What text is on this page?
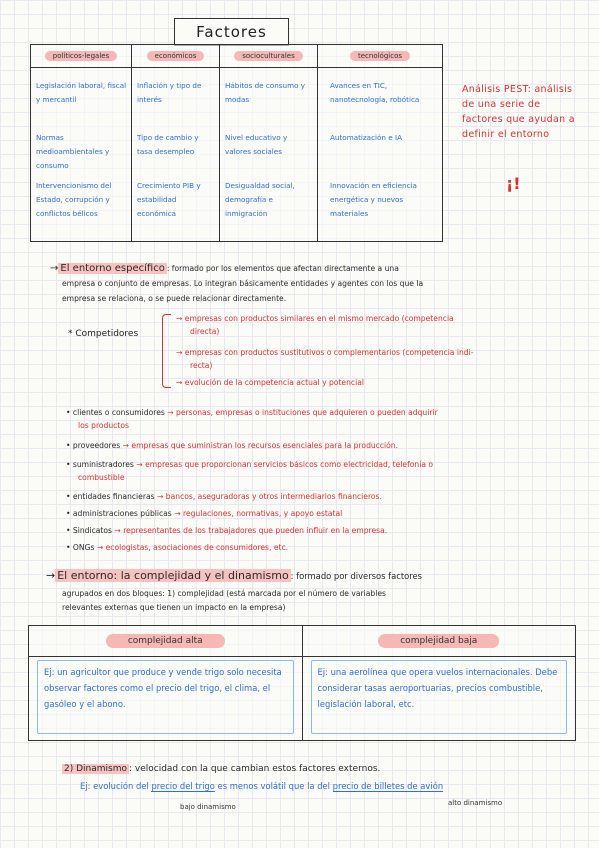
Factores
políticos-legales
Legislación laboral, fiscal y mercantil
Normas medioambientales y consumo
Intervencionismo del Estado, corrupción y conflictos bélicos
económicos
Inflación y tipo de interés
Tipo de cambio y tasa desempleo
Crecimiento PIB y estabilidad económica
socioculturales
Hábitos de consumo y modas
Nivel educativo y valores sociales
Desigualdad social, demografía e inmigración
tecnológicos
Avances en TIC, nanotecnología, robótica
Automatización e IA
Innovación en eficiencia energética y nuevos materiales
Análisis PEST: análisis de una serie de factores que ayudan a definir el entorno
¡!
→ El entorno específico : formado por los elementos que afectan directamente a una
empresa o conjunto de empresas. Lo integran básicamente entidades y agentes con los que la
empresa se relaciona, o se puede relacionar directamente.
* Competidores
→ empresas con productos similares en el mismo mercado (competencia
directa)
→ empresas con productos sustitutivos o complementarios (competencia indi-
recta)
→ evolución de la competencia actual y potencial
• clientes o consumidores → personas, empresas o instituciones que adquieren o pueden adquirir
los productos
• proveedores → empresas que suministran los recursos esenciales para la producción.
• suministradores → empresas que proporcionan servicios básicos como electricidad, telefonía o
combustible
• entidades financieras → bancos, aseguradoras y otros intermediarios financieros.
• administraciones públicas → regulaciones, normativas, y apoyo estatal
• Sindicatos → representantes de los trabajadores que pueden influir en la empresa.
• ONGs → ecologistas, asociaciones de consumidores, etc.
→ El entorno: la complejidad y el dinamismo : formado por diversos factores
agrupados en dos bloques: 1) complejidad (está marcada por el número de variables
relevantes externas que tienen un impacto en la empresa)
complejidad alta
Ej: un agricultor que produce y vende trigo solo necesita observar factores como el precio del trigo, el clima, el gasóleo y el abono.
complejidad baja
Ej: una aerolínea que opera vuelos internacionales. Debe considerar tasas aeroportuarias, precios combustible, legislación laboral, etc.
2) Dinamismo : velocidad con la que cambian estos factores externos.
Ej: evolución del precio del trigo es menos volátil que la del precio de billetes de avión
bajo dinamismo	alto dinamismo
